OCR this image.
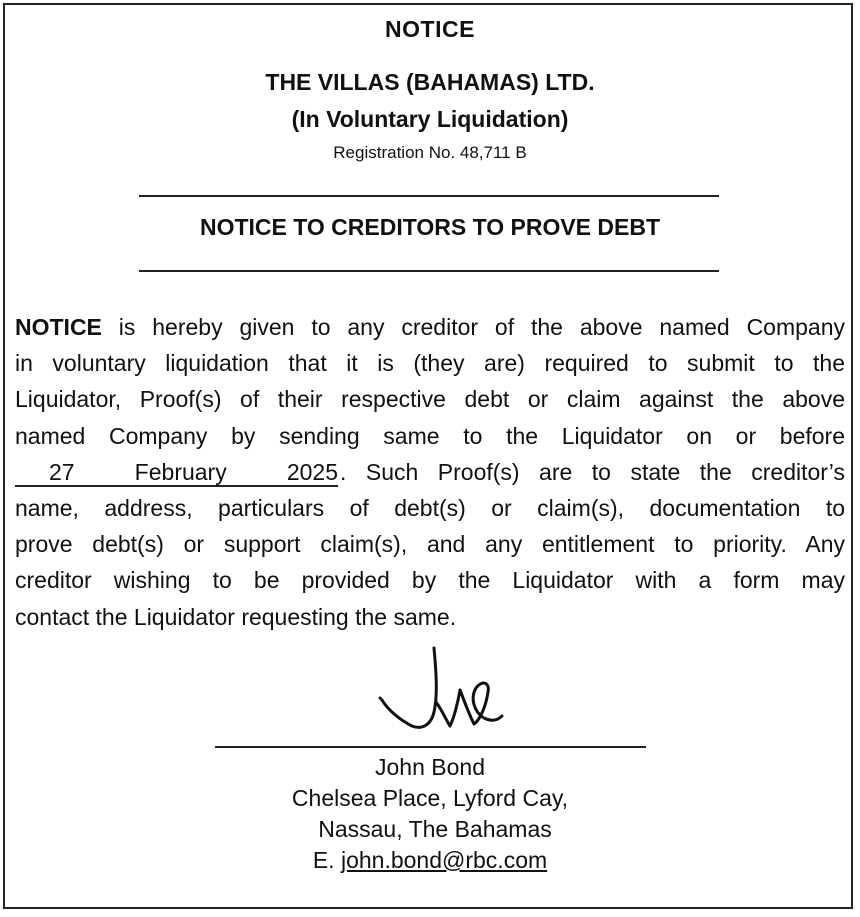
NOTICE
THE VILLAS (BAHAMAS) LTD.
(In Voluntary Liquidation)
Registration No. 48,711 B
NOTICE TO CREDITORS TO PROVE DEBT
NOTICE is hereby given to any creditor of the above named Company
in voluntary liquidation that it is (they are) required to submit to the
Liquidator, Proof(s) of their respective debt or claim against the above
named Company by sending same to the Liquidator on or before
27 February 2025. Such Proof(s) are to state the creditor’s
name, address, particulars of debt(s) or claim(s), documentation to
prove debt(s) or support claim(s), and any entitlement to priority. Any
creditor wishing to be provided by the Liquidator with a form may
contact the Liquidator requesting the same.
John Bond
Chelsea Place, Lyford Cay,
Nassau, The Bahamas
E. john.bond@rbc.com
